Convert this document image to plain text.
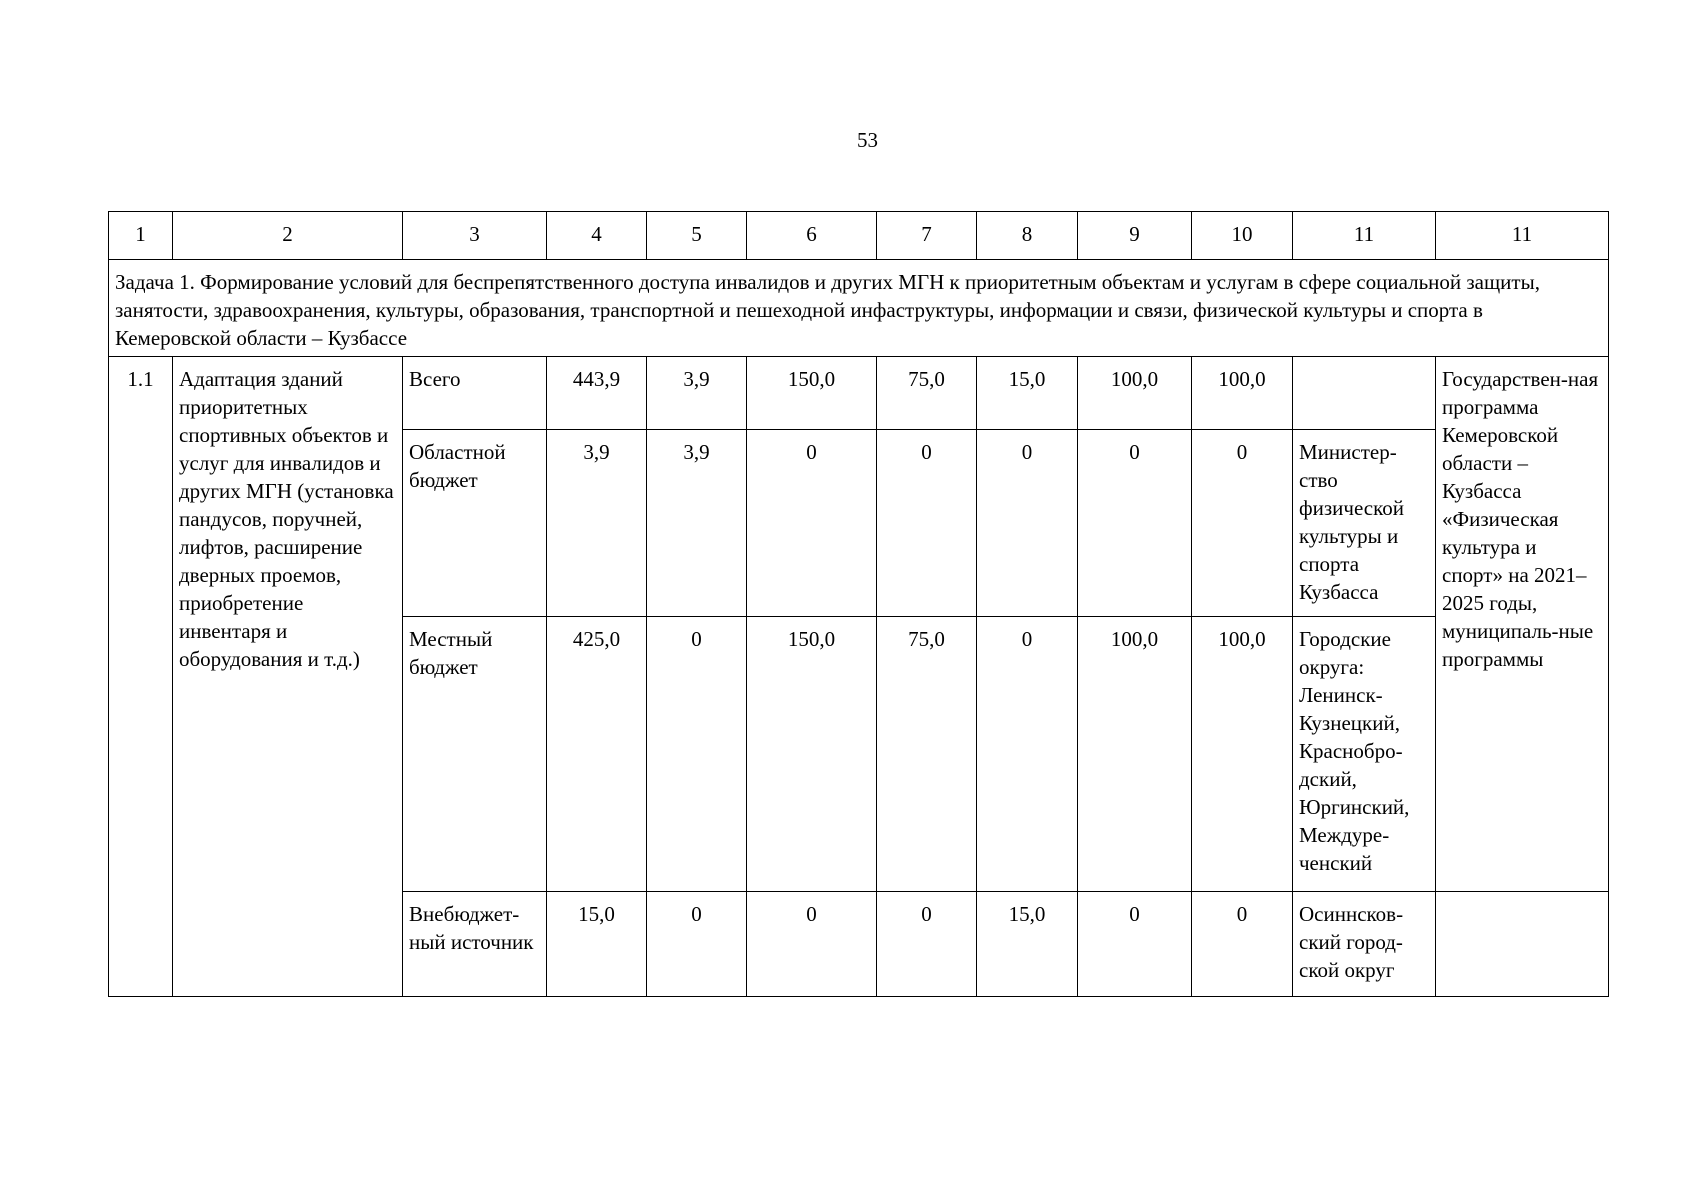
53
1	2	3	4	5	6	7	8	9	10	11	11
Задача 1. Формирование условий для беспрепятственного доступа инвалидов и других МГН к приоритетным объектам и услугам в сфере социальной защиты, занятости, здравоохранения, культуры, образования, транспортной и пешеходной инфаструктуры, информации и связи, физической культуры и спорта в Кемеровской области – Кузбассе											
1.1	Адаптация зданий приоритетных спортивных объектов и услуг для инвалидов и других МГН (установка пандусов, поручней, лифтов, расширение дверных проемов, приобретение инвентаря и оборудования и т.д.)	Всего	443,9	3,9	150,0	75,0	15,0	100,0	100,0		Государствен-ная программа Кемеровской области – Кузбасса «Физическая культура и спорт» на 2021– 2025 годы, муниципаль-ные программы
		Областной бюджет	3,9	3,9	0	0	0	0	0	Министер-ство физической культуры и спорта Кузбасса	
		Местный бюджет	425,0	0	150,0	75,0	0	100,0	100,0	Городские округа: Ленинск-Кузнецкий, Краснобро-дский, Юргинский, Междуре-ченский	
		Внебюджет-ный источник	15,0	0	0	0	15,0	0	0	Осиннсков-ский город-ской округ	
